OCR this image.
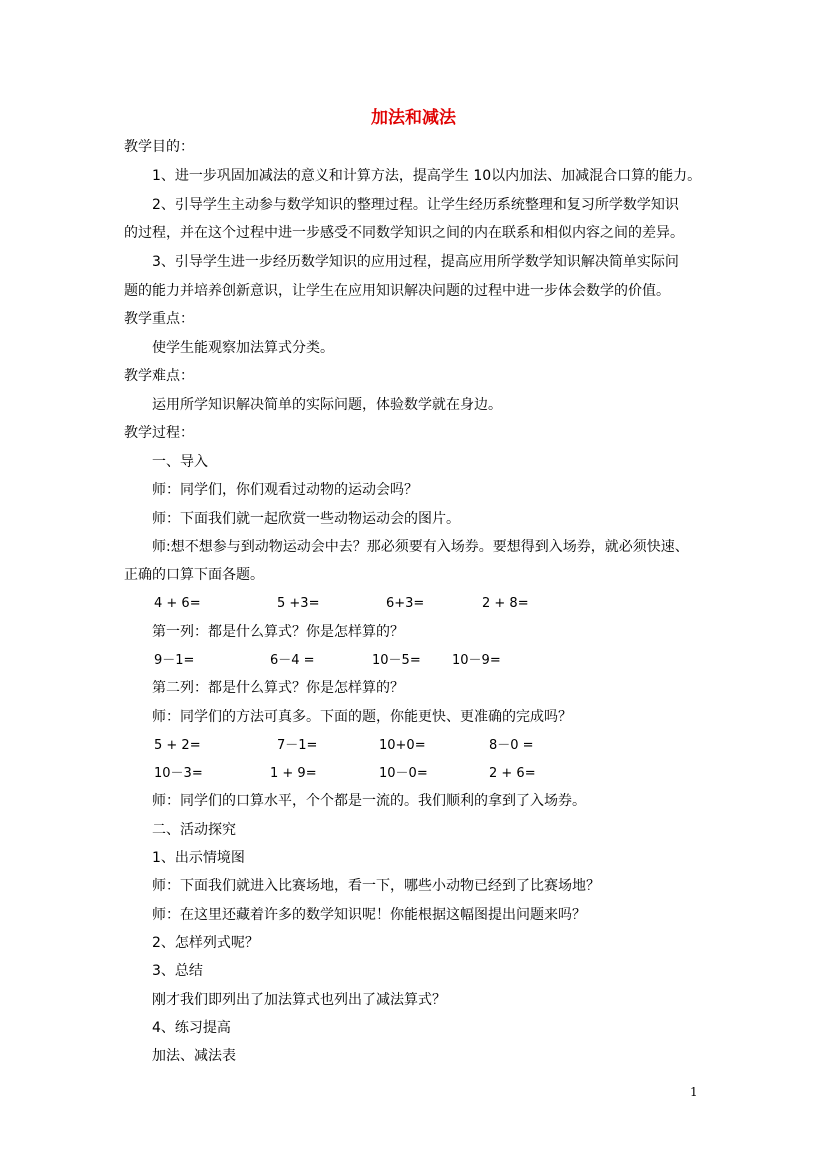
加法和减法
教学目的：
1、进一步巩固加减法的意义和计算方法，提高学生 10以内加法、加减混合口算的能力。
2、引导学生主动参与数学知识的整理过程。让学生经历系统整理和复习所学数学知识
的过程，并在这个过程中进一步感受不同数学知识之间的内在联系和相似内容之间的差异。
3、引导学生进一步经历数学知识的应用过程，提高应用所学数学知识解决简单实际问
题的能力并培养创新意识，让学生在应用知识解决问题的过程中进一步体会数学的价值。
教学重点：
使学生能观察加法算式分类。
教学难点：
运用所学知识解决简单的实际问题，体验数学就在身边。
教学过程：
一、导入
师：同学们，你们观看过动物的运动会吗？
师：下面我们就一起欣赏一些动物运动会的图片。
师:想不想参与到动物运动会中去？那必须要有入场券。要想得到入场券，就必须快速、
正确的口算下面各题。
4 + 6=	5 +3=	6+3=	2 + 8=
第一列：都是什么算式？你是怎样算的？
9－1=	6－4 =	10－5= 10－9=
第二列：都是什么算式？你是怎样算的？
师：同学们的方法可真多。下面的题，你能更快、更准确的完成吗？
5 + 2=	7－1=	10+0=	8－0 =
10－3=	1 + 9=	10－0=	2 + 6=
师：同学们的口算水平，个个都是一流的。我们顺利的拿到了入场券。
二、活动探究
1、出示情境图
师：下面我们就进入比赛场地，看一下，哪些小动物已经到了比赛场地？
师：在这里还藏着许多的数学知识呢！你能根据这幅图提出问题来吗？
2、怎样列式呢？
3、总结
刚才我们即列出了加法算式也列出了减法算式？
4、练习提高
加法、减法表
1
